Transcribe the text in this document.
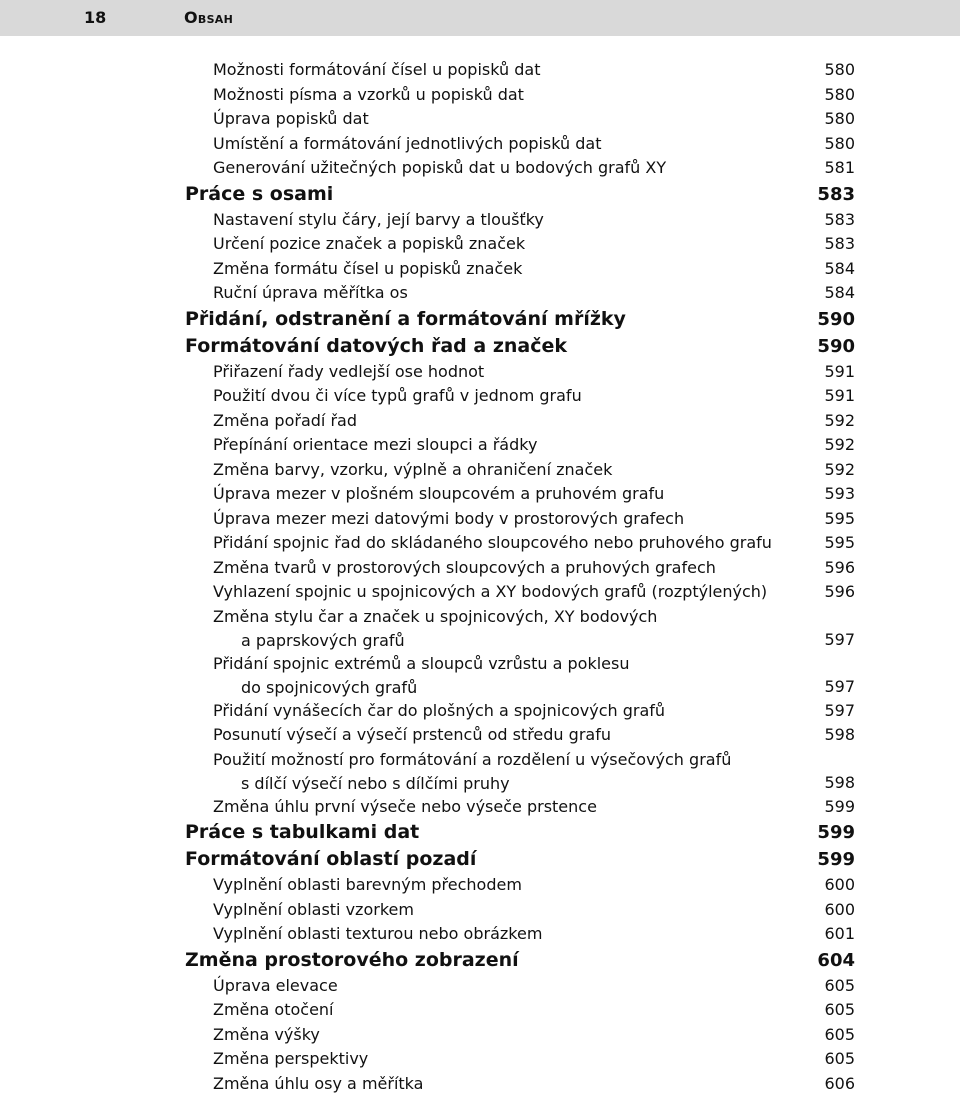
18	Obsah
Možnosti formátování čísel u popisků dat	580
Možnosti písma a vzorků u popisků dat	580
Úprava popisků dat	580
Umístění a formátování jednotlivých popisků dat	580
Generování užitečných popisků dat u bodových grafů XY	581
Práce s osami	583
Nastavení stylu čáry, její barvy a tloušťky	583
Určení pozice značek a popisků značek	583
Změna formátu čísel u popisků značek	584
Ruční úprava měřítka os	584
Přidání, odstranění a formátování mřížky	590
Formátování datových řad a značek	590
Přiřazení řady vedlejší ose hodnot	591
Použití dvou či více typů grafů v jednom grafu	591
Změna pořadí řad	592
Přepínání orientace mezi sloupci a řádky	592
Změna barvy, vzorku, výplně a ohraničení značek	592
Úprava mezer v plošném sloupcovém a pruhovém grafu	593
Úprava mezer mezi datovými body v prostorových grafech	595
Přidání spojnic řad do skládaného sloupcového nebo pruhového grafu	595
Změna tvarů v prostorových sloupcových a pruhových grafech	596
Vyhlazení spojnic u spojnicových a XY bodových grafů (rozptýlených)	596
Změna stylu čar a značek u spojnicových, XY bodových
a paprskových grafů	597
Přidání spojnic extrémů a sloupců vzrůstu a poklesu
do spojnicových grafů	597
Přidání vynášecích čar do plošných a spojnicových grafů	597
Posunutí výsečí a výsečí prstenců od středu grafu	598
Použití možností pro formátování a rozdělení u výsečových grafů
s dílčí výsečí nebo s dílčími pruhy	598
Změna úhlu první výseče nebo výseče prstence	599
Práce s tabulkami dat	599
Formátování oblastí pozadí	599
Vyplnění oblasti barevným přechodem	600
Vyplnění oblasti vzorkem	600
Vyplnění oblasti texturou nebo obrázkem	601
Změna prostorového zobrazení	604
Úprava elevace	605
Změna otočení	605
Změna výšky	605
Změna perspektivy	605
Změna úhlu osy a měřítka	606
